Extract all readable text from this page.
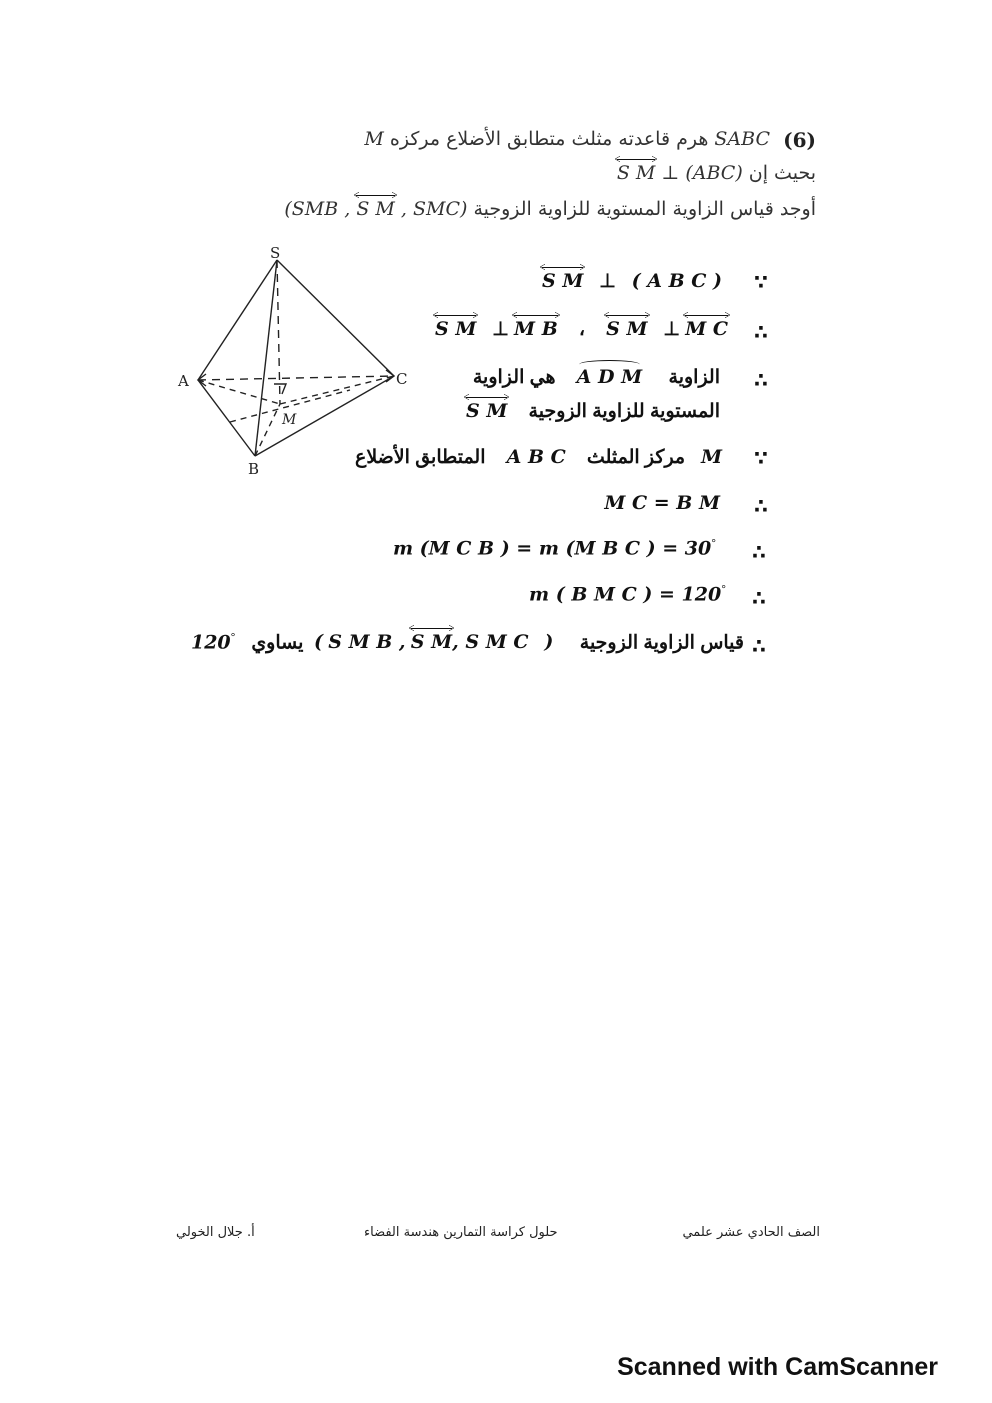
(6)
SABC هرم قاعدته مثلث متطابق الأضلاع مركزه M
بحيث إن S M ⊥ (ABC)
أوجد قياس الزاوية المستوية للزاوية الزوجية (SMB , S M , SMC)
S
A
B
C
M
∵
S M ⊥ ( A B C )
∴
S M ⊥ M B ، S M ⊥ M C
∴
الزاوية     A D M    هي الزاوية
المستوية للزاوية الزوجية    S M
∵
M   مركز المثلث    A B C    المتطابق الأضلاع
∴
M C = B M
∴
m (M C B ) = m (M B C ) = 30°
∴
m ( B M C ) = 120°
∴
قياس الزاوية الزوجية     ( S M B , S M, S M C )  يساوي   120°
أ. جلال الخولي	حلول كراسة التمارين هندسة الفضاء	الصف الحادي عشر علمي
Scanned with CamScanner
